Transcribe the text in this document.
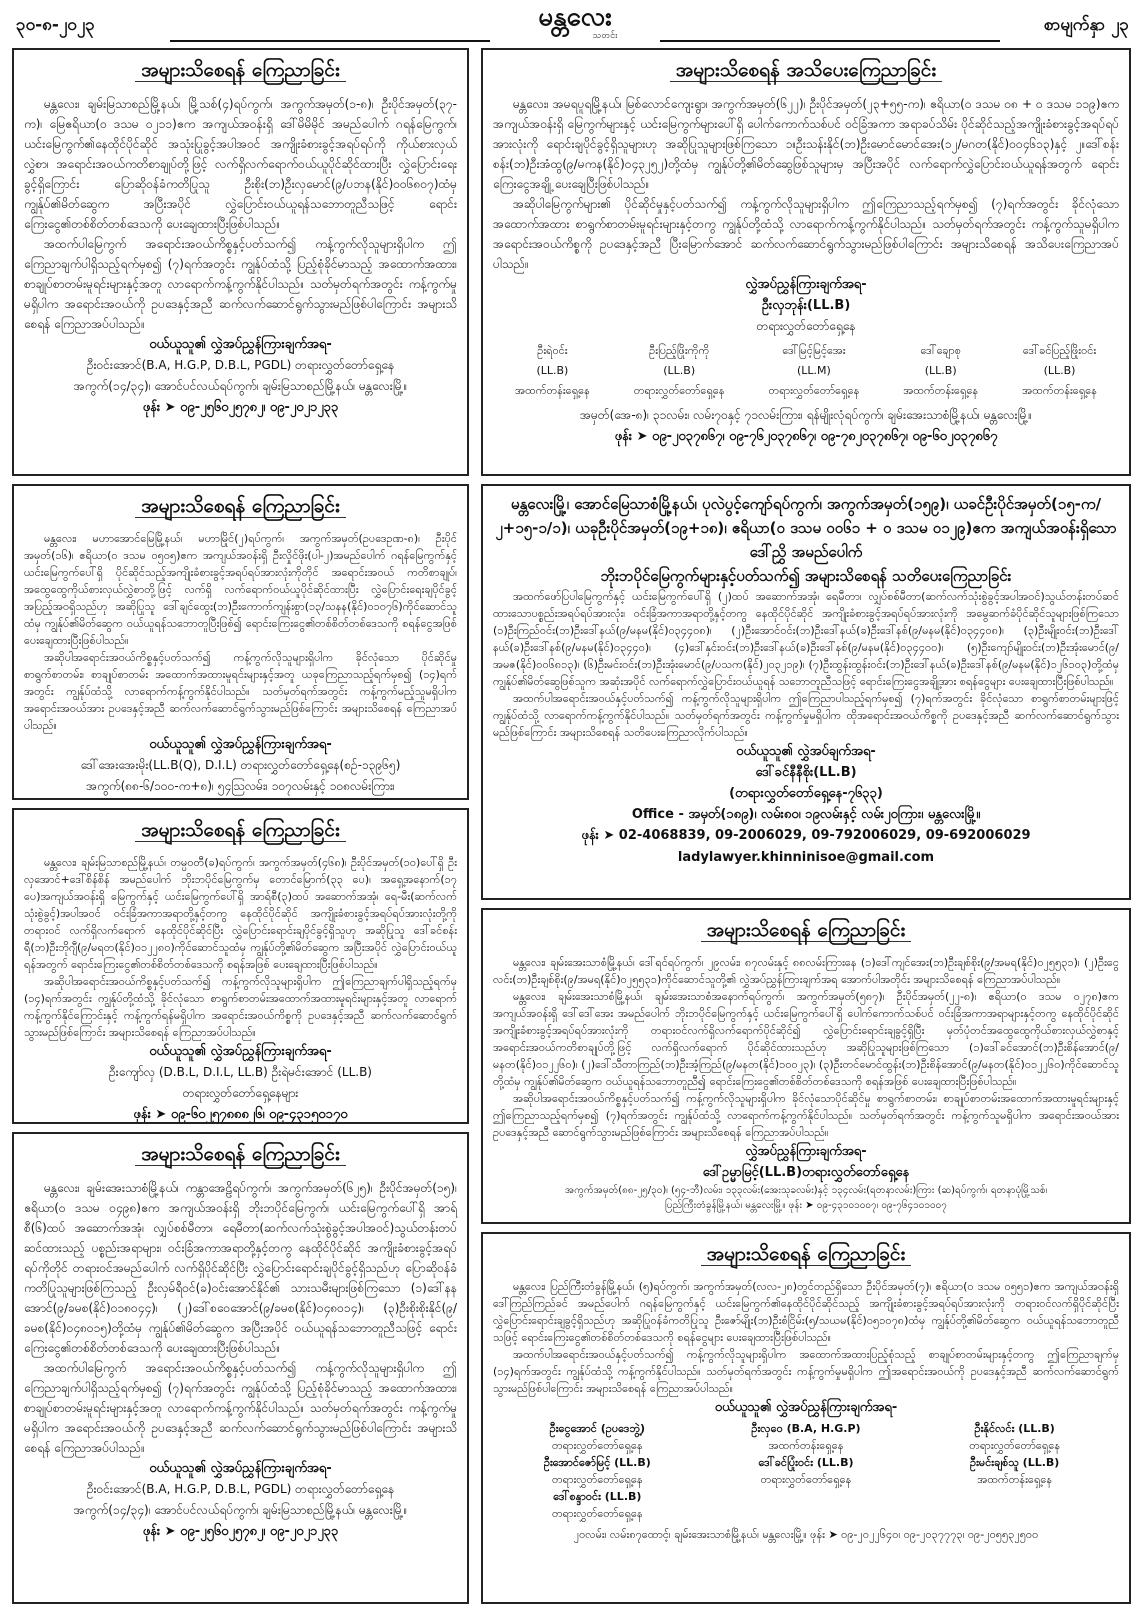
၃၀-၈-၂၀၂၃	မန္တလေး
သတင်း
စာမျက်နှာ ၂၃
အများသိစေရန် ကြေညာခြင်း

မန္တလေး၊ ချမ်းမြသာစည်မြို့နယ်၊ မြို့သစ်(၄)ရပ်ကွက်၊ အကွက်အမှတ်(၁-၈)၊ ဦးပိုင်အမှတ်(၃၇-က)၊ မြေဧရိယာ(၀ ဒသမ ၀၂၁၁)ဧက အကျယ်အဝန်းရှိ ဒေါ်မိမိမိုင် အမည်ပေါက် ဂရန်မြေကွက်၊ ယင်းမြေကွက်၏နေထိုင်ပိုင်ဆိုင် အသုံးပြုခွင့်အပါအဝင် အကျိုးခံစားခွင့်အရပ်ရပ်ကို ကိုယ်စားလှယ်လွှဲစာ၊ အရောင်းအဝယ်ကတိစာချုပ်တို့ဖြင့် လက်ရှိလက်ရောက်ဝယ်ယူပိုင်ဆိုင်ထားပြီး လွှဲပြောင်းရေးခွင့်ရှိကြောင်း ပြောဆိုဝန်ခံကတိပြုသူ ဦးစိုး(ဘ)ဦးလှမောင်(၉/ပဘန(နိုင်)၀၀၆၈၀၇)ထံမှ ကျွန်ုပ်၏မိတ်ဆွေက အပြီးအပိုင် လွှဲပြောင်းဝယ်ယူရန်သဘောတူညီသဖြင့် ရောင်းကြေးငွေ၏တစ်စိတ်တစ်ဒေသကို ပေးချေထားပြီးဖြစ်ပါသည်။

အထက်ပါမြေကွက် အရောင်းအဝယ်ကိစ္စနှင့်ပတ်သက်၍ ကန့်ကွက်လိုသူများရှိပါက ဤကြေညာချက်ပါရှိသည့်ရက်မှစ၍ (၇)ရက်အတွင်း ကျွန်ုပ်ထံသို့ ပြည့်စုံခိုင်မာသည့် အထောက်အထား၊ စာချုပ်စာတမ်းမူရင်းများနှင့်အတူ လာရောက်ကန့်ကွက်နိုင်ပါသည်။ သတ်မှတ်ရက်အတွင်း ကန့်ကွက်မှုမရှိပါက အရောင်းအဝယ်ကို ဥပဒေနှင့်အညီ ဆက်လက်ဆောင်ရွက်သွားမည်ဖြစ်ပါကြောင်း အများသိစေရန် ကြေညာအပ်ပါသည်။

ဝယ်ယူသူ၏ လွှဲအပ်ညွှန်ကြားချက်အရ-
ဦးဝင်းအောင်(B.A, H.G.P, D.B.L, PGDL) တရားလွှတ်တော်ရှေ့နေ
အကွက်(၁၄/၃၄)၊ အောင်ပင်လယ်ရပ်ကွက်၊ ချမ်းမြသာစည်မြို့နယ်၊ မန္တလေးမြို့။
ဖုန်း ➤ ၀၉-၂၅၆၀၂၅၇၈၂၊ ၀၉-၂၀၂၁၂၃၃
အများသိစေရန် အသိပေးကြေညာခြင်း

မန္တလေး၊ အမရပူရမြို့နယ်၊ မြစ်လောင်ကျေးရွာ၊ အကွက်အမှတ်(၆၂၂)၊ ဦးပိုင်အမှတ်(၂၃+၅၅-က)၊ ဧရိယာ(၀ ဒသမ ၀၈ + ၀ ဒသမ ၁၁၉)ဧက အကျယ်အဝန်းရှိ မြေကွက်များနှင့် ယင်းမြေကွက်များပေါ်ရှိ ပေါက်ကောက်သစ်ပင် ဝင်ခြံအကာ အရာခပ်သိမ်း ပိုင်ဆိုင်သည့်အကျိုးခံစားခွင့်အရပ်ရပ်အားလုံးကို ရောင်းချပိုင်ခွင့်ရှိသူများဟု အဆိုပြုသူများဖြစ်ကြသော ၁။ဦးသန်းနိုင်(ဘ)ဦးမောင်မောင်အေး(၁၂/မဂတ(နိုင်)၀၀၄၆၁၃)နှင့် ၂။ဒေါ်စန်းစန်း(ဘ)ဦးအံထွ(၉/မကန(နိုင်)၀၄၃၂၅၂)တို့ထံမှ ကျွန်ုပ်တို့၏မိတ်ဆွေဖြစ်သူများမှ အပြီးအပိုင် လက်ရောက်လွှဲပြောင်းဝယ်ယူရန်အတွက် ရောင်းကြေးငွေအချို့ ပေးချေပြီးဖြစ်ပါသည်။

အဆိုပါမြေကွက်များ၏ ပိုင်ဆိုင်မှုနှင့်ပတ်သက်၍ ကန့်ကွက်လိုသူများရှိပါက ဤကြေညာသည့်ရက်မှစ၍ (၇)ရက်အတွင်း ခိုင်လုံသောအထောက်အထား စာရွက်စာတမ်းမူရင်းများနှင့်တကွ ကျွန်ုပ်တို့ထံသို့ လာရောက်ကန့်ကွက်နိုင်ပါသည်။ သတ်မှတ်ရက်အတွင်း ကန့်ကွက်သူမရှိပါက အရောင်းအဝယ်ကိစ္စကို ဥပဒေနှင့်အညီ ပြီးမြောက်အောင် ဆက်လက်ဆောင်ရွက်သွားမည်ဖြစ်ပါကြောင်း အများသိစေရန် အသိပေးကြေညာအပ်ပါသည်။

လွှဲအပ်ညွှန်ကြားချက်အရ-
ဦးလှဘုန်း(LL.B)
တရားလွှတ်တော်ရှေ့နေ
ဦးရဲဝင်း
(LL.B)
အထက်တန်းရှေ့နေ
ဦးပြည့်ဖြိုးကိုကို
(LL.B)
တရားလွှတ်တော်ရှေ့နေ
ဒေါ်မြင့်မြင့်အေး
(LL.M)
တရားလွှတ်တော်ရှေ့နေ
ဒေါ်ချောစု
(LL.B)
အထက်တန်းရှေ့နေ
ဒေါ်ခင်ပြည့်ဖြိုးဝင်း
(LL.B)
အထက်တန်းရှေ့နေ
အမှတ်(အေ-၈)၊ ၃၁လမ်း၊ လမ်း၇၀နှင့် ၇၁လမ်းကြား၊ ရန်မျိုးလုံရပ်ကွက်၊ ချမ်းအေးသာစံမြို့နယ်၊ မန္တလေးမြို့။
ဖုန်း ➤ ၀၉-၂၀၃၇၈၆၇၊ ၀၉-၇၆၂၀၃၇၈၆၇၊ ၀၉-၇၈၂၀၃၇၈၆၇၊ ၀၉-၆၀၂၀၃၇၈၆၇
အများသိစေရန် ကြေညာခြင်း

မန္တလေး၊ မဟာအောင်မြေမြို့နယ်၊ မဟာမြိုင်(၂)ရပ်ကွက်၊ အကွက်အမှတ်(ဥပဒေဥဏ-၈)၊ ဦးပိုင်အမှတ်(၁၆)၊ ဧရိယာ(၀ ဒသမ ၀၅၀၅)ဧက အကျယ်အဝန်းရှိ ဦးလှိုင်ဖိုး(ပါ-၂)အမည်ပေါက် ဂရန်မြေကွက်နှင့် ယင်းမြေကွက်ပေါ်ရှိ ပိုင်ဆိုင်သည့်အကျိုးခံစားခွင့်အရပ်ရပ်အားလုံးကိုတိုင် အရောင်းအဝယ် ကတိစာချုပ်၊ အထွေထွေကိုယ်စားလှယ်လွှဲစာတို့ဖြင့် လက်ရှိ လက်ရောက်ဝယ်ယူပိုင်ဆိုင်ထားပြီး လွှဲပြောင်းရေးချပိုင်ခွင့် အပြည့်အဝရှိသည်ဟု အဆိုပြုသူ ဒေါ်ချင်ထွေး(ဘ)ဦးကောက်ကျန်းစွာ(၁၃/သနန(နိုင်)၀၁၀၇၆)ကိုင်ဆောင်သူထံမှ ကျွန်ုပ်၏မိတ်ဆွေက ဝယ်ယူရန်သဘောတူပြီးဖြစ်၍ ရောင်းကြေးငွေ၏တစ်စိတ်တစ်ဒေသကို စရန်ငွေအဖြစ် ပေးချေထားပြီးဖြစ်ပါသည်။

အဆိုပါအရောင်းအဝယ်ကိစ္စနှင့်ပတ်သက်၍ ကန့်ကွက်လိုသူများရှိပါက ခိုင်လုံသော ပိုင်ဆိုင်မှုစာရွက်စာတမ်း၊ စာချုပ်စာတမ်း အထောက်အထားမူရင်းများနှင့်အတူ ယခုကြေညာသည့်ရက်မှစ၍ (၁၄)ရက်အတွင်း ကျွန်ုပ်ထံသို့ လာရောက်ကန့်ကွက်နိုင်ပါသည်။ သတ်မှတ်ရက်အတွင်း ကန့်ကွက်မည့်သူမရှိပါက အရောင်းအဝယ်အား ဥပဒေနှင့်အညီ ဆက်လက်ဆောင်ရွက်သွားမည်ဖြစ်ကြောင်း အများသိစေရန် ကြေညာအပ်ပါသည်။

ဝယ်ယူသူ၏ လွှဲအပ်ညွှန်ကြားချက်အရ-
ဒေါ်အေးအေးမိုး(LL.B(Q), D.I.L) တရားလွှတ်တော်ရှေ့နေ(စဉ်-၁၃၉၆၅)
အကွက်(၈၈-၆/၁၀၀-က+၈)၊ ၅၄ဩလမ်း၊ ၁၀၇လမ်းနှင့် ၁၀၈လမ်းကြား၊
မန္တလေးမြို့၊ အောင်မြေသာစံမြို့နယ်၊ ပုလဲပွင့်ကျော်ရပ်ကွက်၊ အကွက်အမှတ်(၁၅၉)၊ ယခင်ဦးပိုင်အမှတ်(၁၅-က/၂+၁၅-၁/၁)၊ ယခုဦးပိုင်အမှတ်(၁၉+၁၈)၊ ဧရိယာ(၀ ဒသမ ၀၀၆၁ + ၀ ဒသမ ၀၁၂၉)ဧက အကျယ်အဝန်းရှိသော ဒေါ်ညွှိ အမည်ပေါက်
ဘိုးဘပိုင်မြေကွက်များနှင့်ပတ်သက်၍ အများသိစေရန် သတိပေးကြေညာခြင်း

အထက်ဖော်ပြပါမြေကွက်နှင့် ယင်းမြေကွက်ပေါ်ရှိ (၂)ထပ် အဆောက်အအုံ၊ ရေမီတာ၊ လျှပ်စစ်မီတာ(ဆက်လက်သုံးစွဲခွင့်အပါအဝင်)သွယ်တန်းတပ်ဆင်ထားသောပစ္စည်းအရပ်ရပ်အားလုံး၊ ဝင်းခြံအကာအရာတို့နှင့်တကွ နေထိုင်ပိုင်ဆိုင် အကျိုးခံစားခွင့်အရပ်ရပ်အားလုံးကို အမွေဆက်ခံပိုင်ဆိုင်သူများဖြစ်ကြသော (၁)ဦးကြည်ဝင်း(ဘ)ဦးဒေါ်နယ်(၉/မနမ(နိုင်)၀၃၄၄၀၈)၊ (၂)ဦးအောင်ဝင်း(ဘ)ဦးဒေါ်နယ်(ခ)ဦးဒေါ်နစ်(၉/မနမ(နိုင်)၀၃၄၄၀၈)၊ (၃)ဦးမျိုးဝင်း(ဘ)ဦးဒေါ်နယ်(ခ)ဦးဒေါ်နစ်(၉/မနမ(နိုင်)၀၃၄၄၀)၊ (၄)ဒေါ်နှင်းဝင်း(ဘ)ဦးဒေါ်နယ်(ခ)ဦးဒေါ်နစ်(၉/မနမ(နိုင်)၀၃၄၄၀၀)၊ (၅)ဦးကျော်မျိုးဝင်း(ဘ)ဦးအုံးမောင်(၉/အမဇ(နိုင်)၀၀၆၈၁၃)၊ (၆)ဦးမင်းဝင်း(ဘ)ဦးအုံးမောင်(၉/ပသက(နိုင်)၂၀၃၂၁၉)၊ (၇)ဦးထွန်းထွန်းဝင်း(ဘ)ဦးဒေါ်နယ်(ခ)ဦးဒေါ်နစ်(၉/မနမ(နိုင်)၁၂၆၁၀၃)တို့ထံမှ ကျွန်ုပ်၏မိတ်ဆွေဖြစ်သူက အဆုံးအပိုင် လက်ရောက်လွှဲပြောင်းဝယ်ယူရန် သဘောတူညီသဖြင့် ရောင်းကြေးငွေအချို့အား စရန်ငွေများ ပေးချေထားပြီးဖြစ်ပါသည်။

အထက်ပါအရောင်းအဝယ်နှင့်ပတ်သက်၍ ကန့်ကွက်လိုသူများရှိပါက ဤကြေညာပါသည့်ရက်မှစ၍ (၇)ရက်အတွင်း ခိုင်လုံသော စာရွက်စာတမ်းများဖြင့် ကျွန်ုပ်ထံသို့ လာရောက်ကန့်ကွက်နိုင်ပါသည်။ သတ်မှတ်ရက်အတွင်း ကန့်ကွက်မှုမရှိပါက ထိုအရောင်းအဝယ်ကိစ္စကို ဥပဒေနှင့်အညီ ဆက်လက်ဆောင်ရွက်သွားမည်ဖြစ်ကြောင်း အများသိစေရန် သတိပေးကြေညာလိုက်ပါသည်။

ဝယ်ယူသူ၏ လွှဲအပ်ချက်အရ-
ဒေါ်ခင်နီနီစိုး(LL.B)
(တရားလွှတ်တော်ရှေ့နေ-၇၆၃၃)
Office - အမှတ်(၁၈၉)၊ လမ်း၈၀၊ ၁၉လမ်းနှင့် လမ်း၂၀ကြား၊ မန္တလေးမြို့။
ဖုန်း ➤ 02-4068839, 09-2006029, 09-792006029, 09-692006029
ladylawyer.khinninisoe@gmail.com
အများသိစေရန် ကြေညာခြင်း

မန္တလေး၊ ချမ်းမြသာစည်မြို့နယ်၊ တမ္ပဝတီ(ခ)ရပ်ကွက်၊ အကွက်အမှတ်(၄၆၈)၊ ဦးပိုင်အမှတ်(၁၀)ပေါ်ရှိ ဦးလှအောင်+ဒေါ်စိန်စိန် အမည်ပေါက် ဘိုးဘပိုင်မြေကွက်မှ တောင်မြောက်(၃၃ ပေ)၊ အရှေ့အနောက်(၁၇ ပေ)အကျယ်အဝန်းရှိ မြေကွက်နှင့် ယင်းမြေကွက်ပေါ်ရှိ အာရ်စီ(၃)ထပ် အဆောက်အအုံ၊ ရေ-မီး(ဆက်လက်သုံးစွဲခွင့်)အပါအဝင် ဝင်းခြံအကာအရာတို့နှင့်တကွ နေထိုင်ပိုင်ဆိုင် အကျိုးခံစားခွင့်အရပ်ရပ်အားလုံးတို့ကို တရားဝင် လက်ရှိလက်ရောက် နေထိုင်ပိုင်ဆိုင်ပြီး လွှဲပြောင်းရောင်းချပိုင်ခွင့်ရှိသူဟု အဆိုပြုသူ ဒေါ်ခင်စန်းရီ(ဘ)ဦးဘိုဂျီ(၉/မရတ(နိုင်)၀၁၂၂၈၀)ကိုင်ဆောင်သူထံမှ ကျွန်ုပ်တို့၏မိတ်ဆွေက အပြီးအပိုင် လွှဲပြောင်းဝယ်ယူရန်အတွက် ရောင်းကြေးငွေ၏တစ်စိတ်တစ်ဒေသကို စရန်အဖြစ် ပေးချေထားပြီးဖြစ်ပါသည်။

အဆိုပါအရောင်းအဝယ်ကိစ္စနှင့်ပတ်သက်၍ ကန့်ကွက်လိုသူများရှိပါက ဤကြေညာချက်ပါရှိသည့်ရက်မှ (၁၄)ရက်အတွင်း ကျွန်ုပ်တို့ထံသို့ ခိုင်လုံသော စာရွက်စာတမ်းအထောက်အထားမူရင်းများနှင့်အတူ လာရောက်ကန့်ကွက်နိုင်ကြောင်းနှင့် ကန့်ကွက်ရန်မရှိပါက အရောင်းအဝယ်ကိစ္စကို ဥပဒေနှင့်အညီ ဆက်လက်ဆောင်ရွက်သွားမည်ဖြစ်ကြောင်း အများသိစေရန် ကြေညာအပ်ပါသည်။

ဝယ်ယူသူ၏ လွှဲအပ်ညွှန်ကြားချက်အရ-
ဦးကျော်လှ (D.B.L, D.I.L, LL.B) ဦးရဲမင်းအောင် (LL.B)
တရားလွှတ်တော်ရှေ့နေများ
ဖုန်း ➤ ၀၉-၆၀၂၅၇၈၈၈၂၆၊ ၀၉-၄၃၁၅၀၁၇၀
အများသိစေရန် ကြေညာခြင်း

မန္တလေး၊ ချမ်းအေးသာစံမြို့နယ်၊ ကန္တာအေဠိရပ်ကွက်၊ အကွက်အမှတ်(၆၂၅)၊ ဦးပိုင်အမှတ်(၁၅)၊ ဧရိယာ(၀ ဒသမ ၀၄၉၈)ဧက အကျယ်အဝန်းရှိ ဘိုးဘပိုင်မြေကွက်၊ ယင်းမြေကွက်ပေါ်ရှိ အာရ်စီ(၆)ထပ် အဆောက်အအုံ၊ လျှပ်စစ်မီတာ၊ ရေမီတာ(ဆက်လက်သုံးစွဲခွင့်အပါအဝင်)သွယ်တန်းတပ်ဆင်ထားသည့် ပစ္စည်းအရာများ၊ ဝင်းခြံအကာအရာတို့နှင့်တကွ နေထိုင်ပိုင်ဆိုင် အကျိုးခံစားခွင့်အရပ်ရပ်ကိုတိုင် တရားဝင်အမည်ပေါက် လက်ရှိပိုင်ဆိုင်ပြီး လွှဲပြောင်းရောင်းချပိုင်ခွင့်ရှိသည်ဟု ပြောဆိုဝန်ခံကတိပြုသူများဖြစ်ကြသည့် ဦးလှမ်ရီဝင်(ခ)ဝင်းအောင်နိုင်၏ သားသမီးများဖြစ်ကြသော (၁)ဒေါ်နနအောင်(၉/ခမစ(နိုင်)၀၁၈၀၄၄)၊ (၂)ဒေါ်စဝေအောင်(၉/ခမစ(နိုင်)၀၄၈၀၁၄)၊ (၃)ဦးစိုးစိုးနိုင်(၉/ခမစ(နိုင်)၀၄၈၀၁၅)တို့ထံမှ ကျွန်ုပ်၏မိတ်ဆွေက အပြီးအပိုင် ဝယ်ယူရန်သဘောတူညီသဖြင့် ရောင်းကြေးငွေ၏တစ်စိတ်တစ်ဒေသကို ပေးချေထားပြီးဖြစ်ပါသည်။

အထက်ပါမြေကွက် အရောင်းအဝယ်ကိစ္စနှင့်ပတ်သက်၍ ကန့်ကွက်လိုသူများရှိပါက ဤကြေညာချက်ပါရှိသည့်ရက်မှစ၍ (၇)ရက်အတွင်း ကျွန်ုပ်ထံသို့ ပြည့်စုံခိုင်မာသည့် အထောက်အထား၊ စာချုပ်စာတမ်းမူရင်းများနှင့်အတူ လာရောက်ကန့်ကွက်နိုင်ပါသည်။ သတ်မှတ်ရက်အတွင်း ကန့်ကွက်မှုမရှိပါက အရောင်းအဝယ်ကို ဥပဒေနှင့်အညီ ဆက်လက်ဆောင်ရွက်သွားမည်ဖြစ်ပါကြောင်း အများသိစေရန် ကြေညာအပ်ပါသည်။

ဝယ်ယူသူ၏ လွှဲအပ်ညွှန်ကြားချက်အရ-
ဦးဝင်းအောင်(B.A, H.G.P, D.B.L, PGDL) တရားလွှတ်တော်ရှေ့နေ
အကွက်(၁၄/၃၄)၊ အောင်ပင်လယ်ရပ်ကွက်၊ ချမ်းမြသာစည်မြို့နယ်၊ မန္တလေးမြို့။
ဖုန်း ➤ ၀၉-၂၅၆၀၂၅၇၈၂၊ ၀၉-၂၀၂၁၂၃၃
အများသိစေရန် ကြေညာခြင်း

မန္တလေး၊ ချမ်းအေးသာစံမြို့နယ်၊ ဒေါ်ရင်ရပ်ကွက်၊ ၂၉လမ်း၊ ၈၇လမ်းနှင့် ၈၈လမ်းကြားနေ (၁)ဒေါ်ကျင်အေး(ဘ)ဦးချစ်စိုး(၉/အမရ(နိုင်)၀၂၅၅၃၁)၊ (၂)ဦးငွေလင်း(ဘ)ဦးချစ်စိုး(၉/အမရ(နိုင်)၀၂၅၅၃၁)ကိုင်ဆောင်သူတို့၏ လွှဲအပ်ညွှန်ကြားချက်အရ အောက်ပါအတိုင်း အများသိစေရန် ကြေညာအပ်ပါသည်။

မန္တလေး၊ ချမ်းအေးသာစံမြို့နယ်၊ ချမ်းအေးသာစံအနောက်ရပ်ကွက်၊ အကွက်အမှတ်(၅၈၇)၊ ဦးပိုင်အမှတ်(၂၂-၈)၊ ဧရိယာ(၀ ဒသမ ၀၂၇၈)ဧက အကျယ်အဝန်းရှိ ဒေါ်ဒေါ်အေး အမည်ပေါက် ဘိုးဘပိုင်မြေကွက်နှင့် ယင်းမြေကွက်ပေါ်ရှိ ပေါက်ကောက်သစ်ပင် ဝင်းခြံအကာအရာများနှင့်တကွ နေထိုင်ပိုင်ဆိုင် အကျိုးခံစားခွင့်အရပ်ရပ်အားလုံးကို တရားဝင်လက်ရှိလက်ရောက်ပိုင်ဆိုင်၍ လွှဲပြောင်းရောင်းချခွင့်ရှိပြီး မှတ်ပုံတင်အထွေထွေကိုယ်စားလှယ်လွှဲစာနှင့် အရောင်းအဝယ်ကတိစာချုပ်တို့ဖြင့် လက်ရှိလက်ရောက် ပိုင်ဆိုင်ထားသည်ဟု အဆိုပြုသူများဖြစ်ကြသော (၁)ဒေါ်ခင်အောင်(ဘ)ဦးစိန်အောင်(၉/မနတ(နိုင်)၀၁၂၂၆၀)၊ (၂)ဒေါ်သီတာကြည်(ဘ)ဦးအံ့ကြည်(၉/မနတ(နိုင်)၁၀၀၂၃)၊ (၃)ဦးတင်မောင်ထွန်း(ဘ)ဦးစိန်အောင်(၉/မနတ(နိုင်)၀၁၂၂၆၀)ကိုင်ဆောင်သူတို့ထံမှ ကျွန်ုပ်၏မိတ်ဆွေက ဝယ်ယူရန်သဘောတူညီ၍ ရောင်းကြေးငွေ၏တစ်စိတ်တစ်ဒေသကို စရန်အဖြစ် ပေးချေထားပြီးဖြစ်ပါသည်။

အဆိုပါအရောင်းအဝယ်ကိစ္စနှင့်ပတ်သက်၍ ကန့်ကွက်လိုသူများရှိပါက ခိုင်လုံသောပိုင်ဆိုင်မှု စာရွက်စာတမ်း၊ စာချုပ်စာတမ်းအထောက်အထားမူရင်းများနှင့် ဤကြေညာသည့်ရက်မှစ၍ (၇)ရက်အတွင်း ကျွန်ုပ်ထံသို့ လာရောက်ကန့်ကွက်နိုင်ပါသည်။ သတ်မှတ်ရက်အတွင်း ကန့်ကွက်သူမရှိပါက အရောင်းအဝယ်အား ဥပဒေနှင့်အညီ ဆောင်ရွက်သွားမည်ဖြစ်ကြောင်း အများသိစေရန် ကြေညာအပ်ပါသည်။

လွှဲအပ်ညွှန်ကြားချက်အရ-
ဒေါ်ဥမ္မာမြင့်(LL.B)တရားလွှတ်တော်ရှေ့နေ
အကွက်အမှတ်(၈၈-၂၅/၃၀)၊ (၅၄-ဘီ)လမ်း၊ ၁၃၃လမ်း(အေးသုခလမ်း)နှင့် ၁၃၄လမ်း(ရတနာလမ်း)ကြား (ဆ)ရပ်ကွက်၊ ရတနာပုံမြို့သစ်၊
ပြည်ကြီးတံခွန်မြို့နယ်၊ မန္တလေးမြို့။ ဖုန်း ➤ ၀၉-၄၃၁၀၁၀၀၇၊ ၀၉-၇၆၄၁၀၁၀၀၇
အများသိစေရန် ကြေညာခြင်း

မန္တလေး၊ ပြည်ကြီးတံခွန်မြို့နယ်၊ (၅)ရပ်ကွက်၊ အကွက်အမှတ်(လလ-၂၈)တွင်တည်ရှိသော ဦးပိုင်အမှတ်(၇)၊ ဧရိယာ(၀ ဒသမ ၀၅၅၁)ဧက အကျယ်အဝန်းရှိ ဒေါ်ကြည်ကြည်ခင် အမည်ပေါက် ဂရန်မြေကွက်နှင့် ယင်းမြေကွက်၏နေထိုင်ပိုင်ဆိုင်သည့် အကျိုးခံစားခွင့်အရပ်ရပ်အားလုံးကို တရားဝင်လက်ရှိပိုင်ဆိုင်ပြီး လွှဲပြောင်းရောင်းချခွင့်ရှိသည်ဟု အဆိုပြုဝန်ခံကတိပြုသူ ဦးဇော်မျိုး(ဘ)ဦးစံငြိမ်း(၅/သယမ(နိုင်)၀၅၁၀၇၈)ထံမှ ကျွန်ုပ်တို့၏မိတ်ဆွေက ဝယ်ယူရန်သဘောတူညီသဖြင့် ရောင်းကြေးငွေ၏တစ်စိတ်တစ်ဒေသကို စရန်ငွေများ ပေးချေထားပြီးဖြစ်ပါသည်။

အထက်ပါအရောင်းအဝယ်နှင့်ပတ်သက်၍ ကန့်ကွက်လိုသူများရှိပါက အထောက်အထားပြည့်စုံသည့် စာချုပ်စာတမ်းများနှင့်တကွ ဤကြေညာချက်မှ (၁၄)ရက်အတွင်း ကျွန်ုပ်ထံသို့ ကန့်ကွက်နိုင်ပါသည်။ သတ်မှတ်ရက်အတွင်း ကန့်ကွက်မှုမရှိပါက ဤအရောင်းအဝယ်ကို ဥပဒေနှင့်အညီ ဆက်လက်ဆောင်ရွက်သွားမည်ဖြစ်ပါကြောင်း အများသိစေရန် ကြေညာအပ်ပါသည်။

ဝယ်ယူသူ၏ လွှဲအပ်ညွှန်ကြားချက်အရ-
ဦးငွေအောင် (ဥပဒေဘွဲ့)
တရားလွှတ်တော်ရှေ့နေ
ဦးလှဝေ (B.A, H.G.P)
အထက်တန်းရှေ့နေ
ဦးနိုင်လင်း (LL.B)
တရားလွှတ်တော်ရှေ့နေ
ဦးအောင်ဇော်မြင့် (LL.B)
တရားလွှတ်တော်ရှေ့နေ
ဒေါ်ခင်ပြုံးဝင်း (LL.B)
တရားလွှတ်တော်ရှေ့နေ
ဦးမင်းချစ်သူ (LL.B)
အထက်တန်းရှေ့နေ
ဒေါ်စန္ဒာဝင်း (LL.B)
တရားလွှတ်တော်ရှေ့နေ
၂၀လမ်း၊ လမ်း၈၇ထောင့်၊ ချမ်းအေးသာစံမြို့နယ်၊ မန္တလေးမြို့။ ဖုန်း ➤ ၀၉-၂၀၂၂၆၄၀၊ ၀၉-၂၀၃၇၇၇၃၊ ၀၉-၂၀၅၅၃၂၅၀၀
